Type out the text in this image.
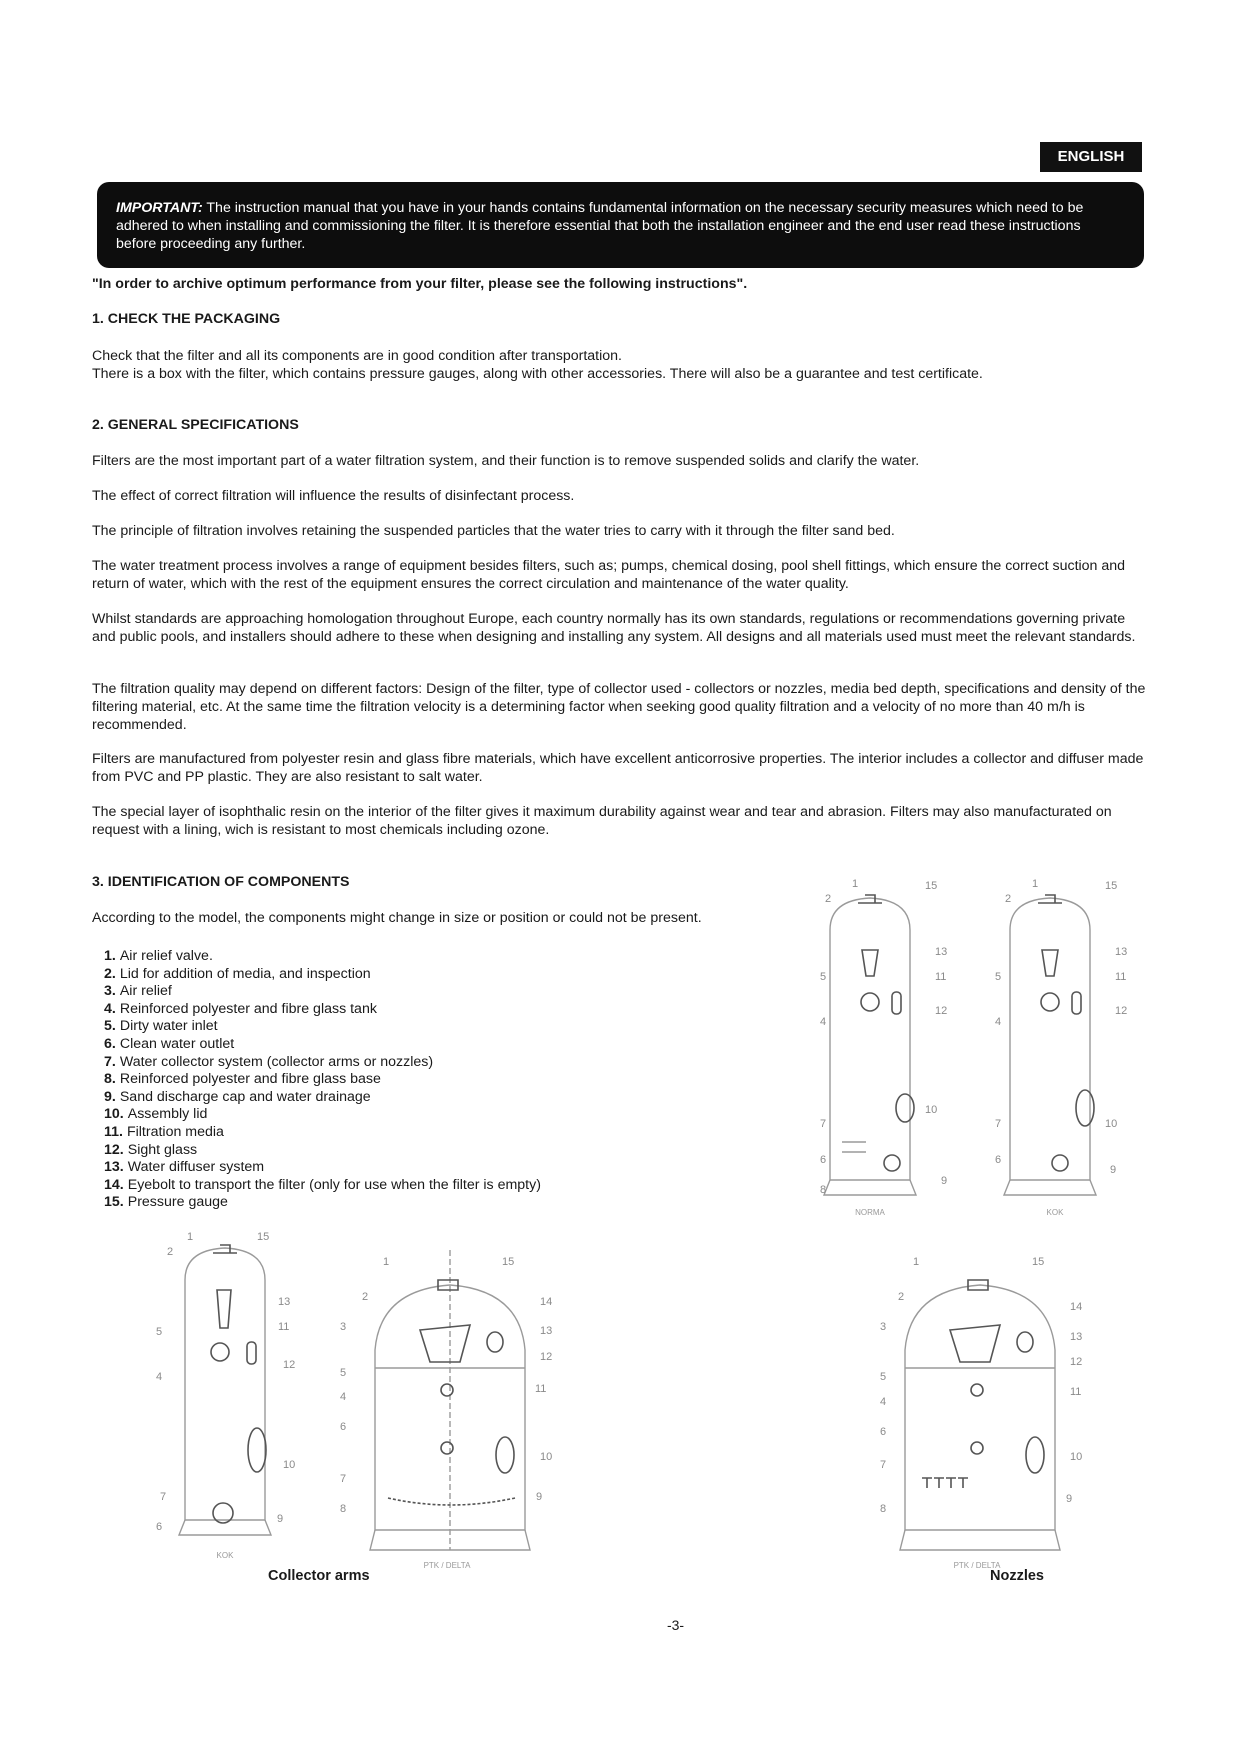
ENGLISH
IMPORTANT: The instruction manual that you have in your hands contains fundamental information on the necessary security measures which need to be adhered to when installing and commissioning the filter. It is therefore essential that both the installation engineer and the end user read these instructions before proceeding any further.

"In order to archive optimum performance from your filter, please see the following instructions".

1. CHECK THE PACKAGING

Check that the filter and all its components are in good condition after transportation.
There is a box with the filter, which contains pressure gauges, along with other accessories. There will also be a guarantee and test certificate.

2. GENERAL SPECIFICATIONS

Filters are the most important part of a water filtration system, and their function is to remove suspended solids and clarify the water.

The effect of correct filtration will influence the results of disinfectant process.

The principle of filtration involves retaining the suspended particles that the water tries to carry with it through the filter sand bed.

The water treatment process involves a range of equipment besides filters, such as; pumps, chemical dosing, pool shell fittings, which ensure the correct suction and return of water, which with the rest of the equipment ensures the correct circulation and maintenance of the water quality.

Whilst standards are approaching homologation throughout Europe, each country normally has its own standards, regulations or recommendations governing private and public pools, and installers should adhere to these when designing and installing any system. All designs and all materials used must meet the relevant standards.

The filtration quality may depend on different factors: Design of the filter, type of collector used - collectors or nozzles, media bed depth, specifications and density of the filtering material, etc. At the same time the filtration velocity is a determining factor when seeking good quality filtration and a velocity of no more than 40 m/h is recommended.

Filters are manufactured from polyester resin and glass fibre materials, which have excellent anticorrosive properties. The interior includes a collector and diffuser made from PVC and PP plastic. They are also resistant to salt water.

The special layer of isophthalic resin on the interior of the filter gives it maximum durability against wear and tear and abrasion. Filters may also manufacturated on request with a lining, wich is resistant to most chemicals including ozone.

3. IDENTIFICATION OF COMPONENTS

According to the model, the components might change in size or position or could not be present.

1. Air relief valve.
2. Lid for addition of media, and inspection
3. Air relief
4. Reinforced polyester and fibre glass tank
5. Dirty water inlet
6. Clean water outlet
7. Water collector system (collector arms or nozzles)
8. Reinforced polyester and fibre glass base
9. Sand discharge cap and water drainage
10. Assembly lid
11. Filtration media
12. Sight glass
13. Water diffuser system
14. Eyebolt to transport the filter (only for use when the filter is empty)
15. Pressure gauge
1
2
15
13
11
12
5
4
7
10
6
8
9
NORMA
1
2
15
13
11
12
5
4
7	10
6
9
KOK
1
2
15
13
11
12
5
4
10
7
6
9
KOK
1
2
15
14
3	13
12
11
5
4
6
10
7
8
9
PTK / DELTA
1
2
15
14
3
13
12
11
5
4
6
10
7
8
9
PTK / DELTA
Collector arms	Nozzles
-3-
